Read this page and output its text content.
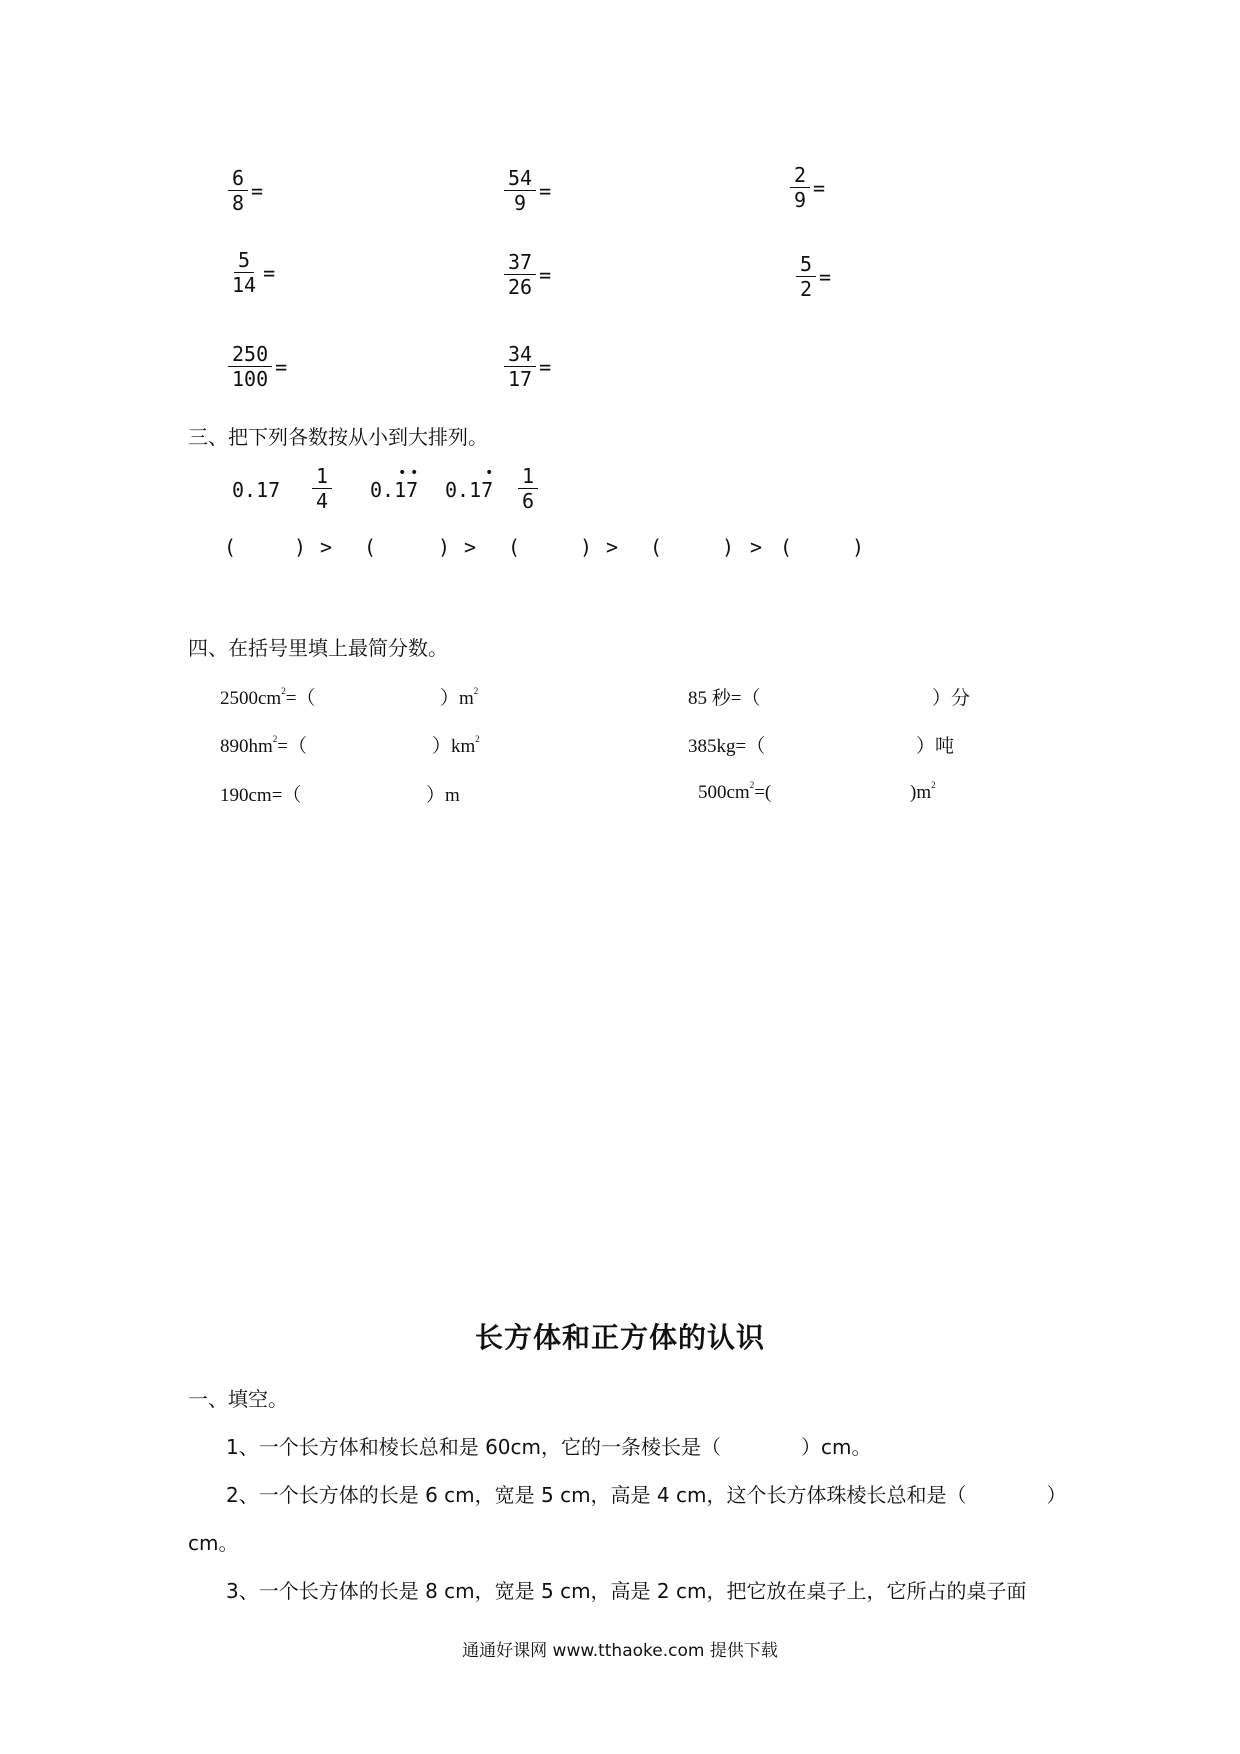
$\frac{6}{8}$ =	$\frac{54}{9}$ =	$\frac{2}{9}$ =
$\frac{5}{14}$ =	$\frac{37}{26}$ =	$\frac{5}{2}$ =
$\frac{250}{100}$ =	$\frac{34}{17}$ =
三、把下列各数按从小到大排列。
$0.17 \frac{1}{4} 0.17$
• •
0.17
• $\frac{1}{6}$
(	) > (	) > (	) > (	) > (	)
四、在括号里填上最简分数。
$2500cm^2=$（	）$m^2$	85 秒=（	）分
$890hm^2=$（	）$km^2$	385kg=（	）吨
190cm=（	）m	$500cm^2=$(	)$m^2$
长方体和正方体的认识
一、填空。
1、一个长方体和棱长总和是 60cm，它的一条棱长是（　　　　）cm。
2、一个长方体的长是 6 cm，宽是 5 cm，高是 4 cm，这个长方体珠棱长总和是（　　　　）
cm。
3、一个长方体的长是 8 cm，宽是 5 cm，高是 2 cm，把它放在桌子上，它所占的桌子面
通通好课网 www.tthaoke.com 提供下载
